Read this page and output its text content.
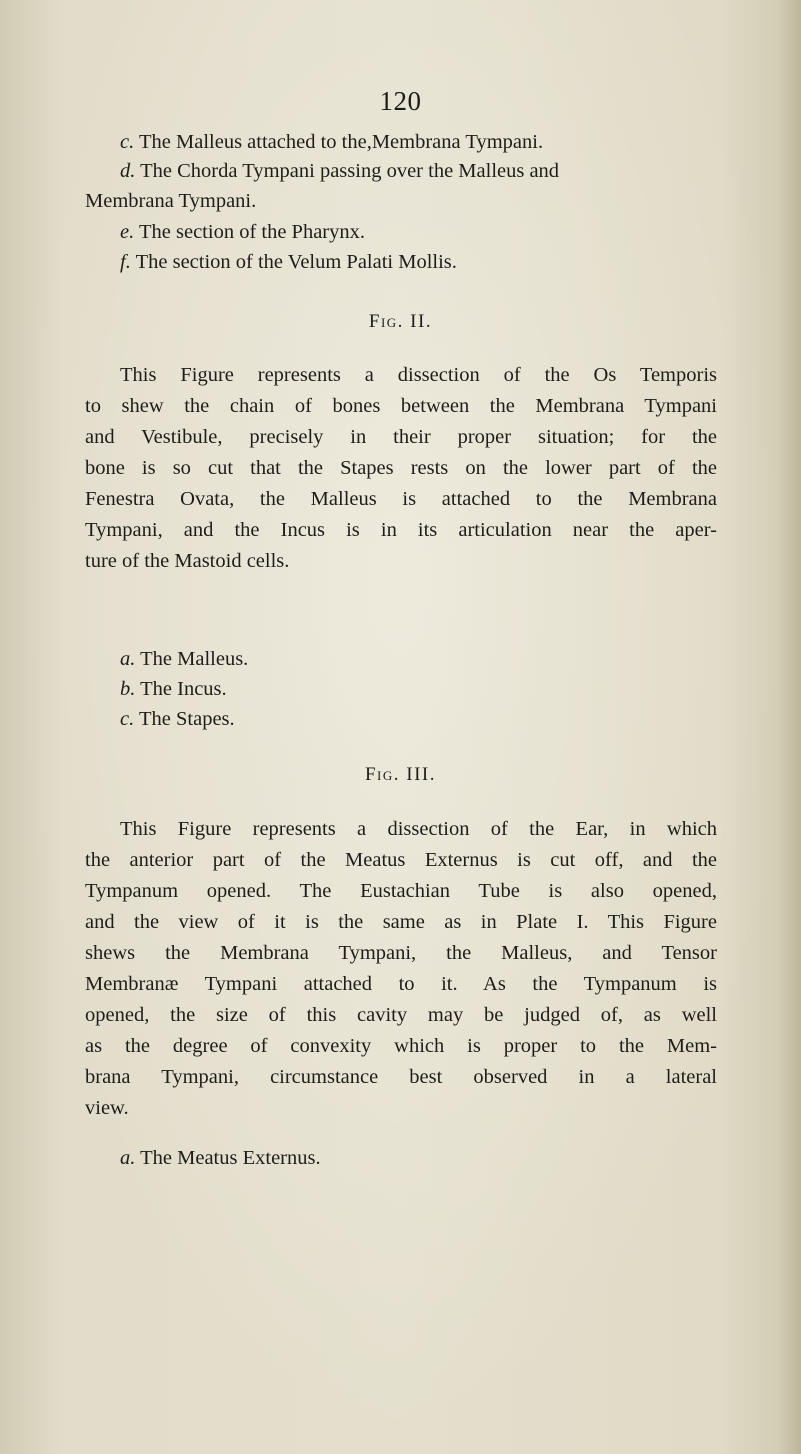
120
c. The Malleus attached to the,Membrana Tympani.
d. The Chorda Tympani passing over the Malleus and
Membrana Tympani.
e. The section of the Pharynx.
f. The section of the Velum Palati Mollis.
Fig. II.
This Figure represents a dissection of the Os Temporis
to shew the chain of bones between the Membrana Tympani
and Vestibule, precisely in their proper situation; for the
bone is so cut that the Stapes rests on the lower part of the
Fenestra Ovata, the Malleus is attached to the Membrana
Tympani, and the Incus is in its articulation near the aper-
ture of the Mastoid cells.
a. The Malleus.
b. The Incus.
c. The Stapes.
Fig. III.
This Figure represents a dissection of the Ear, in which
the anterior part of the Meatus Externus is cut off, and the
Tympanum opened. The Eustachian Tube is also opened,
and the view of it is the same as in Plate I. This Figure
shews the Membrana Tympani, the Malleus, and Tensor
Membranæ Tympani attached to it. As the Tympanum is
opened, the size of this cavity may be judged of, as well
as the degree of convexity which is proper to the Mem-
brana Tympani, circumstance best observed in a lateral
view.
a. The Meatus Externus.
